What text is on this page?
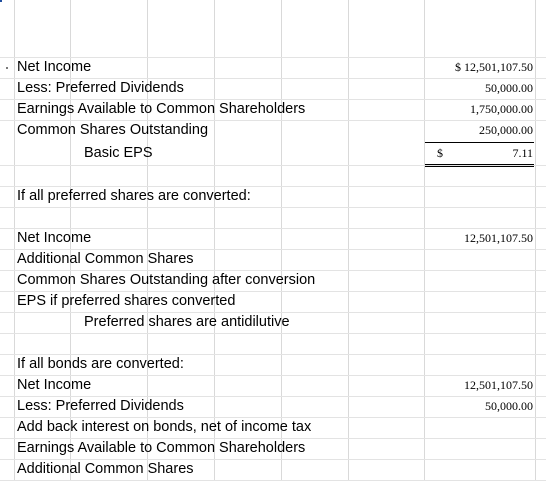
Net Income	$ 12,501,107.50
Less: Preferred Dividends	50,000.00
Earnings Available to Common Shareholders	1,750,000.00
Common Shares Outstanding	250,000.00
Basic EPS	$	7.11
If all preferred shares are converted:
Net Income	12,501,107.50
Additional Common Shares
Common Shares Outstanding after conversion
EPS if preferred shares converted
Preferred shares are antidilutive
If all bonds are converted:
Net Income	12,501,107.50
Less: Preferred Dividends	50,000.00
Add back interest on bonds, net of income tax
Earnings Available to Common Shareholders
Additional Common Shares
